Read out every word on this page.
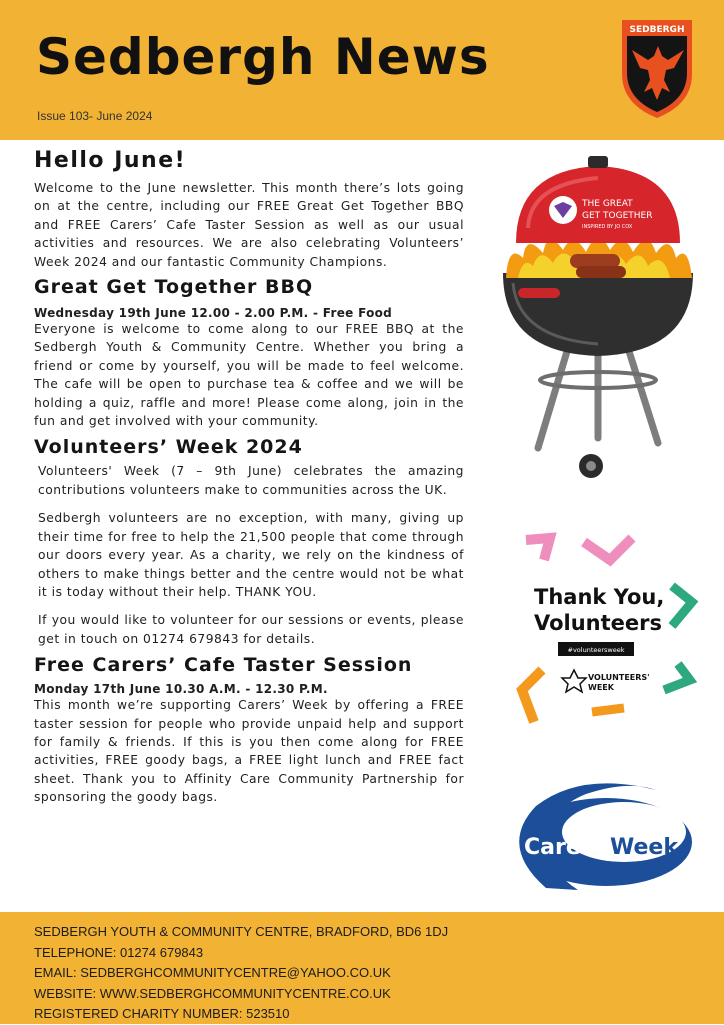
Sedbergh News
Issue 103- June 2024
SEDBERGH
Hello June!

Welcome to the June newsletter. This month there’s lots going on at the centre, including our FREE Great Get Together BBQ and FREE Carers’ Cafe Taster Session as well as our usual activities and resources. We are also celebrating Volunteers’ Week 2024 and our fantastic Community Champions.

Great Get Together BBQ
Wednesday 19th June 12.00 - 2.00 P.M. - Free Food

Everyone is welcome to come along to our FREE BBQ at the Sedbergh Youth & Community Centre. Whether you bring a friend or come by yourself, you will be made to feel welcome. The cafe will be open to purchase tea & coffee and we will be holding a quiz, raffle and more! Please come along, join in the fun and get involved with your community.

Volunteers’ Week 2024

Volunteers' Week (7 – 9th June) celebrates the amazing contributions volunteers make to communities across the UK.

Sedbergh volunteers are no exception, with many, giving up their time for free to help the 21,500 people that come through our doors every year. As a charity, we rely on the kindness of others to make things better and the centre would not be what it is today without their help. THANK YOU.

If you would like to volunteer for our sessions or events, please get in touch on 01274 679843 for details.

Free Carers’ Cafe Taster Session
Monday 17th June 10.30 A.M. - 12.30 P.M.

This month we’re supporting Carers’ Week by offering a FREE taster session for people who provide unpaid help and support for family & friends. If this is you then come along for FREE activities, FREE goody bags, a FREE light lunch and FREE fact sheet. Thank you to Affinity Care Community Partnership for sponsoring the goody bags.

THE GREAT
GET TOGETHER
INSPIRED BY JO COX
Thank You,
Volunteers
#volunteersweek
VOLUNTEERS'
WEEK
Carers Week
SEDBERGH YOUTH & COMMUNITY CENTRE, BRADFORD, BD6 1DJ
TELEPHONE: 01274 679843
EMAIL: SEDBERGHCOMMUNITYCENTRE@YAHOO.CO.UK
WEBSITE: WWW.SEDBERGHCOMMUNITYCENTRE.CO.UK
REGISTERED CHARITY NUMBER: 523510
